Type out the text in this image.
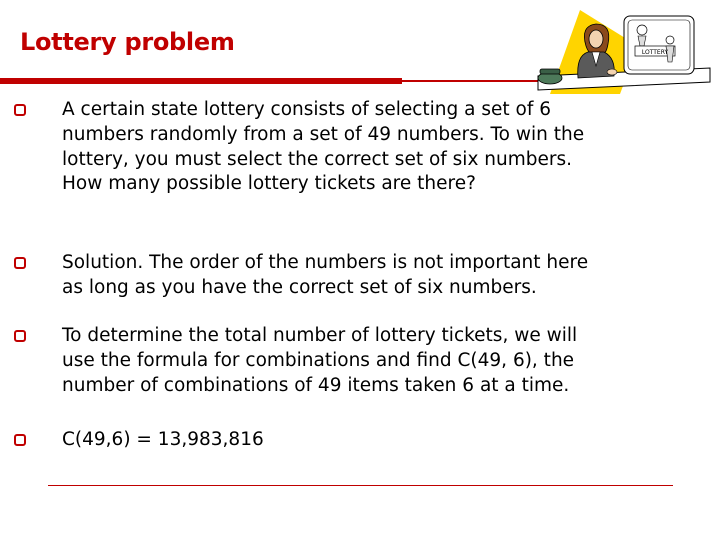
Lottery problem	LOTTERY
A certain state lottery consists of selecting a set of 6 numbers randomly from a set of 49 numbers. To win the lottery, you must select the correct set of six numbers. How many possible lottery tickets are there?
Solution. The order of the numbers is not important here as long as you have the correct set of six numbers.
To determine the total number of lottery tickets, we will use the formula for combinations and find C(49, 6), the number of combinations of 49 items taken 6 at a time.
C(49,6) = 13,983,816
